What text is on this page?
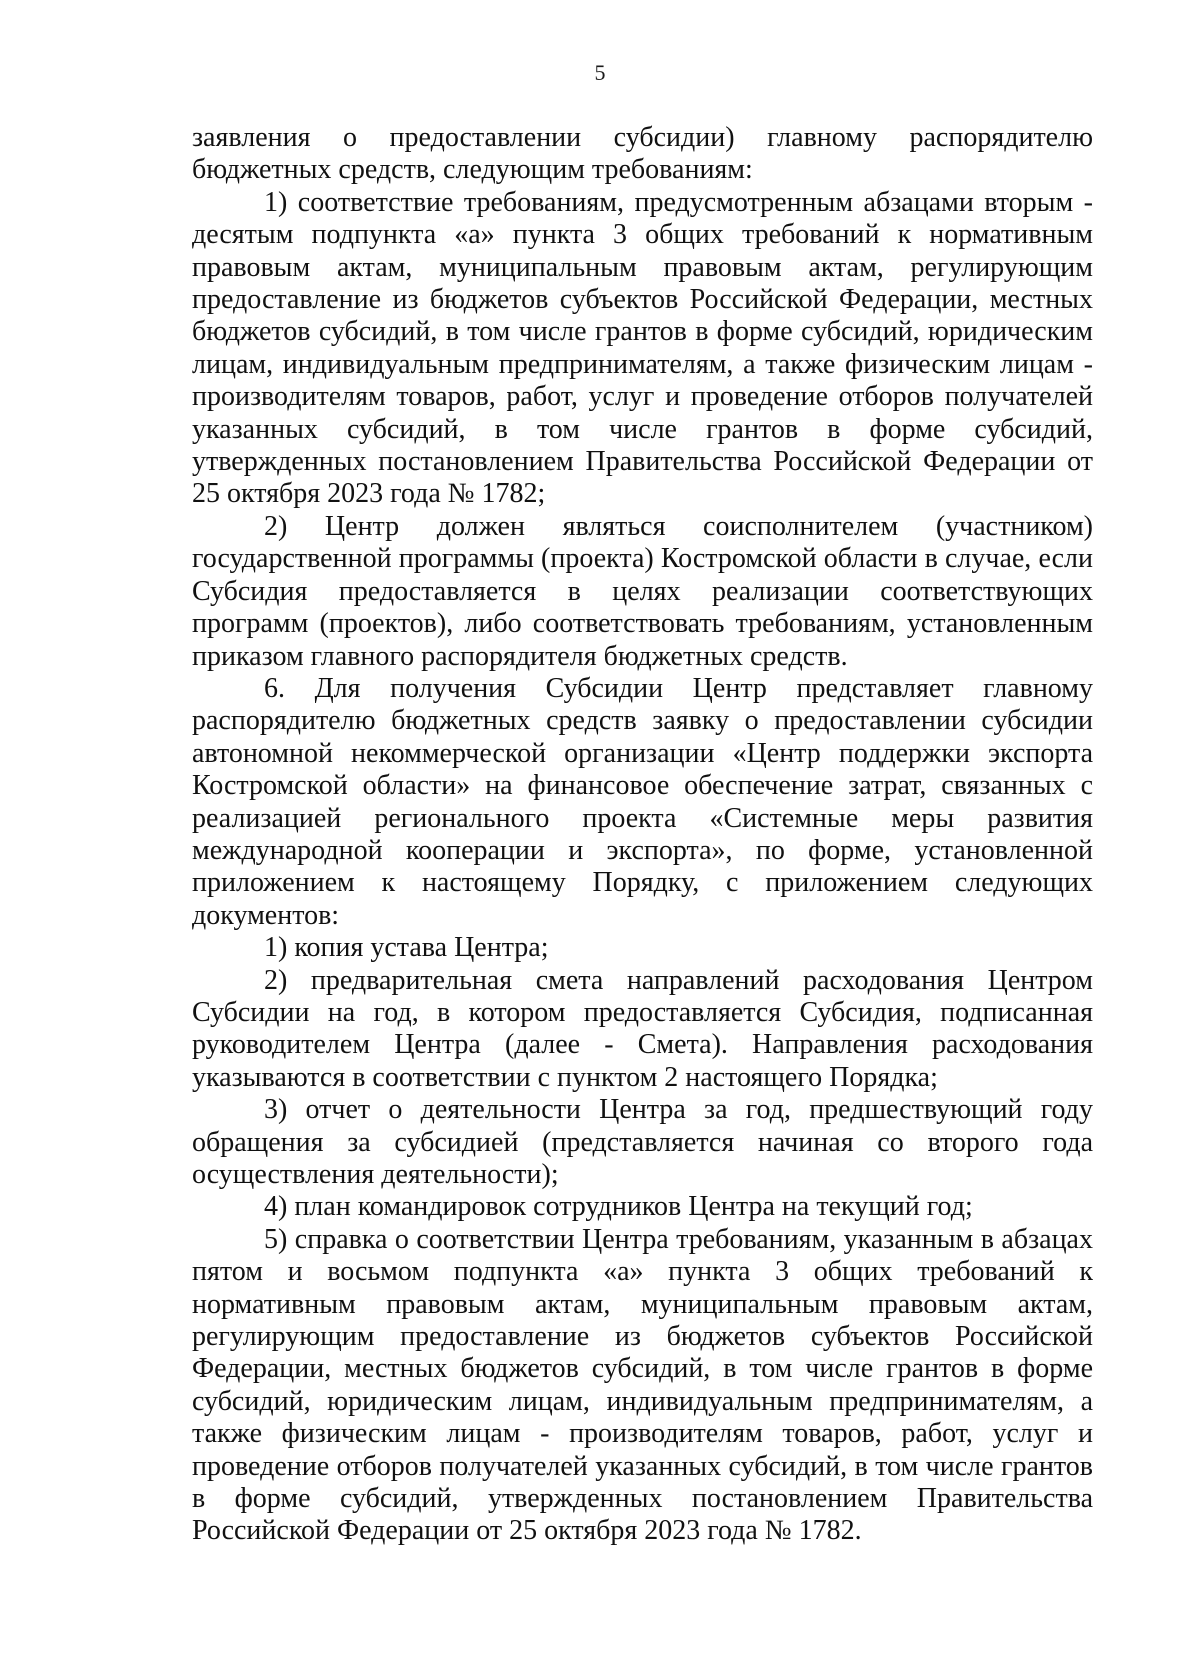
5

заявления о предоставлении субсидии) главному распорядителю бюджетных средств, следующим требованиям:

1) соответствие требованиям, предусмотренным абзацами вторым - десятым подпункта «а» пункта 3 общих требований к нормативным правовым актам, муниципальным правовым актам, регулирующим предоставление из бюджетов субъектов Российской Федерации, местных бюджетов субсидий, в том числе грантов в форме субсидий, юридическим лицам, индивидуальным предпринимателям, а также физическим лицам - производителям товаров, работ, услуг и проведение отборов получателей указанных субсидий, в том числе грантов в форме субсидий, утвержденных постановлением Правительства Российской Федерации от 25 октября 2023 года № 1782;

2) Центр должен являться соисполнителем (участником) государственной программы (проекта) Костромской области в случае, если Субсидия предоставляется в целях реализации соответствующих программ (проектов), либо соответствовать требованиям, установленным приказом главного распорядителя бюджетных средств.

6. Для получения Субсидии Центр представляет главному распорядителю бюджетных средств заявку о предоставлении субсидии автономной некоммерческой организации «Центр поддержки экспорта Костромской области» на финансовое обеспечение затрат, связанных с реализацией регионального проекта «Системные меры развития международной кооперации и экспорта», по форме, установленной приложением к настоящему Порядку, с приложением следующих документов:

1) копия устава Центра;

2) предварительная смета направлений расходования Центром Субсидии на год, в котором предоставляется Субсидия, подписанная руководителем Центра (далее - Смета). Направления расходования указываются в соответствии с пунктом 2 настоящего Порядка;

3) отчет о деятельности Центра за год, предшествующий году обращения за субсидией (представляется начиная со второго года осуществления деятельности);

4) план командировок сотрудников Центра на текущий год;

5) справка о соответствии Центра требованиям, указанным в абзацах пятом и восьмом подпункта «а» пункта 3 общих требований к нормативным правовым актам, муниципальным правовым актам, регулирующим предоставление из бюджетов субъектов Российской Федерации, местных бюджетов субсидий, в том числе грантов в форме субсидий, юридическим лицам, индивидуальным предпринимателям, а также физическим лицам - производителям товаров, работ, услуг и проведение отборов получателей указанных субсидий, в том числе грантов в форме субсидий, утвержденных постановлением Правительства Российской Федерации от 25 октября 2023 года № 1782.
